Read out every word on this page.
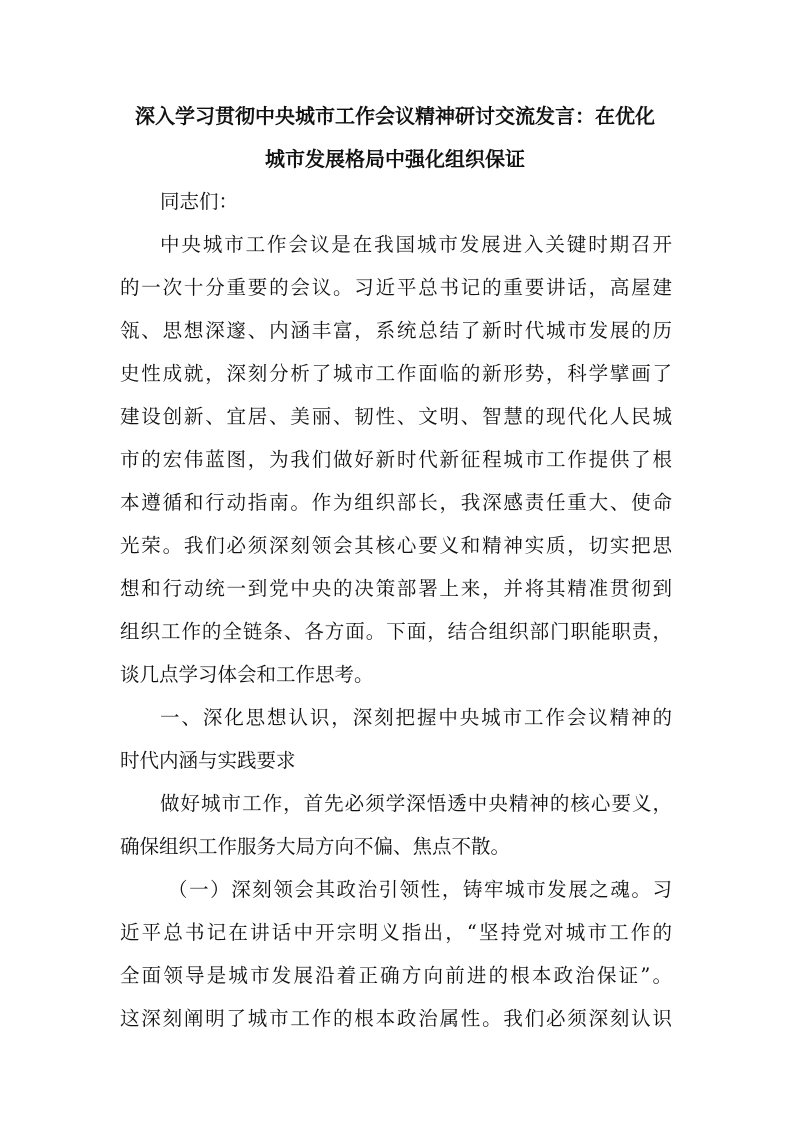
深入学习贯彻中央城市工作会议精神研讨交流发言：在优化
城市发展格局中强化组织保证
同志们：
中央城市工作会议是在我国城市发展进入关键时期召开
的一次十分重要的会议。习近平总书记的重要讲话，高屋建
瓴、思想深邃、内涵丰富，系统总结了新时代城市发展的历
史性成就，深刻分析了城市工作面临的新形势，科学擘画了
建设创新、宜居、美丽、韧性、文明、智慧的现代化人民城
市的宏伟蓝图，为我们做好新时代新征程城市工作提供了根
本遵循和行动指南。作为组织部长，我深感责任重大、使命
光荣。我们必须深刻领会其核心要义和精神实质，切实把思
想和行动统一到党中央的决策部署上来，并将其精准贯彻到
组织工作的全链条、各方面。下面，结合组织部门职能职责，
谈几点学习体会和工作思考。
一、深化思想认识，深刻把握中央城市工作会议精神的
时代内涵与实践要求
做好城市工作，首先必须学深悟透中央精神的核心要义，
确保组织工作服务大局方向不偏、焦点不散。
（一）深刻领会其政治引领性，铸牢城市发展之魂。习
近平总书记在讲话中开宗明义指出，“坚持党对城市工作的
全面领导是城市发展沿着正确方向前进的根本政治保证”。
这深刻阐明了城市工作的根本政治属性。我们必须深刻认识
